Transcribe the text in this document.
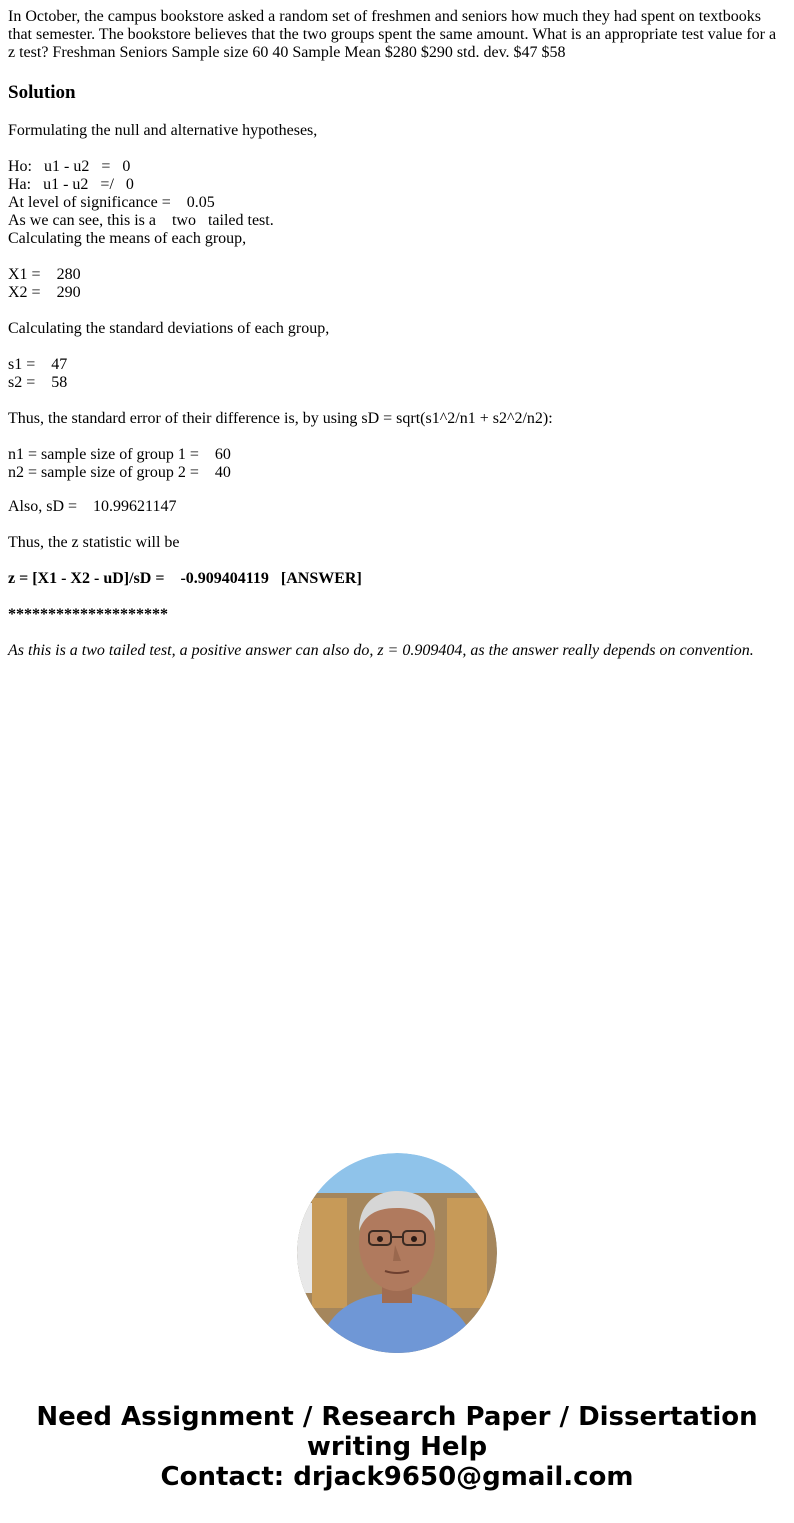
In October, the campus bookstore asked a random set of freshmen and seniors how much they had spent on textbooks that semester. The bookstore believes that the two groups spent the same amount. What is an appropriate test value for a z test? Freshman Seniors Sample size 60 40 Sample Mean $280 $290 std. dev. $47 $58

Solution
Formulating the null and alternative hypotheses,
Ho:   u1 - u2   =   0
Ha:   u1 - u2   =/   0
At level of significance =    0.05
As we can see, this is a    two   tailed test.
Calculating the means of each group,
X1 =    280
X2 =    290
Calculating the standard deviations of each group,
s1 =    47
s2 =    58
Thus, the standard error of their difference is, by using sD = sqrt(s1^2/n1 + s2^2/n2):
n1 = sample size of group 1 =    60
n2 = sample size of group 2 =    40
Also, sD =    10.99621147
Thus, the z statistic will be
z = [X1 - X2 - uD]/sD =    -0.909404119   [ANSWER]
********************
As this is a two tailed test, a positive answer can also do, z = 0.909404, as the answer really depends on convention.
Need Assignment / Research Paper / Dissertation
writing Help
Contact: drjack9650@gmail.com
